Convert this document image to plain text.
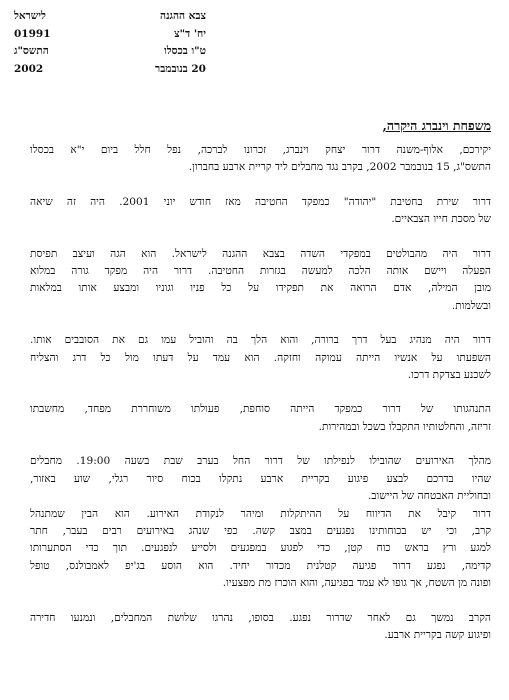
צבא ההגנה
לישראל
יח' ד"צ
01991
ט"ו בכסלו
התשס"ג
20 בנובמבר
2002
משפחת וינברג היקרה,

יקירכם, אלוף-משנה דרור יצחק וינברג, זכרונו לברכה, נפל חלל ביום י"א בכסלו
התשס"ג, 15 בנובמבר 2002, בקרב נגד מחבלים ליד קריית ארבע בחברון.

דרור שירת בחטיבת "יהודה" כמפקד החטיבה מאז חודש יוני 2001. היה זה שיאה
של מסכת חייו הצבאיים.

דרור היה מהבולטים במפקדי השדה בצבא ההגנה לישראל. הוא הגה ועיצב תפיסת
הפעלה ויישם אותה הלכה למעשה בגזרות החטיבה. דרור היה מפקד גורה במלוא
מובן המילה, אדם הרואה את תפקידו על כל פניו וגוניו ומבצע אותו במלאות
ובשלמות.

דרור היה מנהיג בעל דרך ברורה, והוא הלך בה והוביל עמו גם את הסובבים אותו.
השפעתו על אנשיו הייתה עמוקה וחזקה. הוא עמד על דעתו מול כל דרג והצליח
לשכנע בצדקת דרכו.

התנהגותו של דרור כמפקד הייתה סוחפת, פעולתו משוחררת מפחד, מחשבתו
זריזה, והחלטותיו התקבלו בשכל ובמהירות.

מהלך האירועים שהובילו לנפילתו של דרור החל בערב שבת בשעה 19:00. מחבלים
שהיו בדרכם לבצע פיגוע בקריית ארבע נתקלו בכוח סיור רגלי, שוע באזור,
ובחוליית האבטחה של היישוב.
דרור קיבל את הדיווח על ההיתקלות ומיהר לנקודת האירוע. הוא הבין שמתנהל
קרב, וכי יש בכוחותינו נפגעים במצב קשה. כפי שנהג באירועים רבים בעבר, חתר
למגע ורץ בראש כוח קטן, כדי לפגוע במפגעים ולסייע לנפגעים. תוך כדי הסתערותו
קדימה, נפגע דרור פגיעה קטלנית מכדור יחיד. הוא הוסע בג'יפ לאמבולנס, טופל
ופונה מן השטח, אך גופו לא עמד בפגיעה, והוא הוכרז מת מפצעיו.

הקרב נמשך גם לאחר שדרור נפגע. בסופו, נהרגו שלושת המחבלים, ונמנעו חדירה
ופיגוע קשה בקריית ארבע.
